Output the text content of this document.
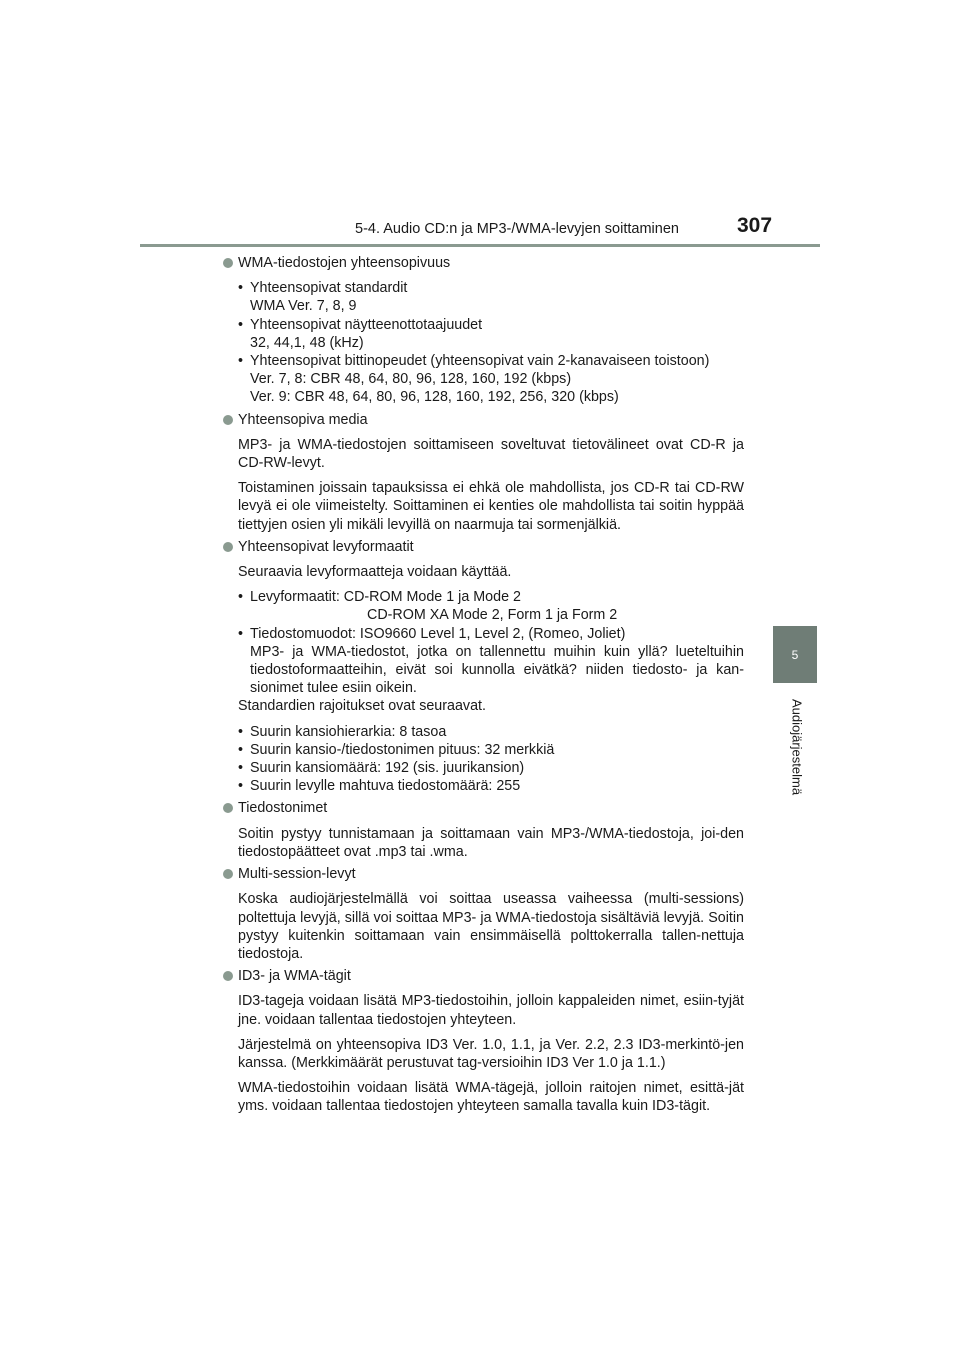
5-4. Audio CD:n ja MP3-/WMA-levyjen soittaminen	307
5
Audiojärjestelmä
WMA-tiedostojen yhteensopivuus
• Yhteensopivat standardit
WMA Ver. 7, 8, 9
• Yhteensopivat näytteenottotaajuudet
32, 44,1, 48 (kHz)
• Yhteensopivat bittinopeudet (yhteensopivat vain 2-kanavaiseen toistoon)
Ver. 7, 8: CBR 48, 64, 80, 96, 128, 160, 192 (kbps)
Ver. 9: CBR 48, 64, 80, 96, 128, 160, 192, 256, 320 (kbps)
Yhteensopiva media
MP3- ja WMA-tiedostojen soittamiseen soveltuvat tietovälineet ovat CD-R ja CD-RW-levyt.
Toistaminen joissain tapauksissa ei ehkä ole mahdollista, jos CD-R tai CD-RW levyä ei ole viimeistelty. Soittaminen ei kenties ole mahdollista tai soitin hyppää tiettyjen osien yli mikäli levyillä on naarmuja tai sormenjälkiä.
Yhteensopivat levyformaatit
Seuraavia levyformaatteja voidaan käyttää.
• Levyformaatit: CD-ROM Mode 1 ja Mode 2
CD-ROM XA Mode 2, Form 1 ja Form 2
• Tiedostomuodot: ISO9660 Level 1, Level 2, (Romeo, Joliet)
MP3- ja WMA-tiedostot, jotka on tallennettu muihin kuin yllä? lueteltuihin tiedostoformaatteihin, eivät soi kunnolla eivätkä? niiden tiedosto- ja kan-sionimet tulee esiin oikein.
Standardien rajoitukset ovat seuraavat.
• Suurin kansiohierarkia: 8 tasoa
• Suurin kansio-/tiedostonimen pituus: 32 merkkiä
• Suurin kansiomäärä: 192 (sis. juurikansion)
• Suurin levylle mahtuva tiedostomäärä: 255
Tiedostonimet
Soitin pystyy tunnistamaan ja soittamaan vain MP3-/WMA-tiedostoja, joi-den tiedostopäätteet ovat .mp3 tai .wma.
Multi-session-levyt
Koska audiojärjestelmällä voi soittaa useassa vaiheessa (multi-sessions) poltettuja levyjä, sillä voi soittaa MP3- ja WMA-tiedostoja sisältäviä levyjä. Soitin pystyy kuitenkin soittamaan vain ensimmäisellä polttokerralla tallen-nettuja tiedostoja.
ID3- ja WMA-tägit
ID3-tageja voidaan lisätä MP3-tiedostoihin, jolloin kappaleiden nimet, esiin-tyjät jne. voidaan tallentaa tiedostojen yhteyteen.
Järjestelmä on yhteensopiva ID3 Ver. 1.0, 1.1, ja Ver. 2.2, 2.3 ID3-merkintö-jen kanssa. (Merkkimäärät perustuvat tag-versioihin ID3 Ver 1.0 ja 1.1.)
WMA-tiedostoihin voidaan lisätä WMA-tägejä, jolloin raitojen nimet, esittä-jät yms. voidaan tallentaa tiedostojen yhteyteen samalla tavalla kuin ID3-tägit.
